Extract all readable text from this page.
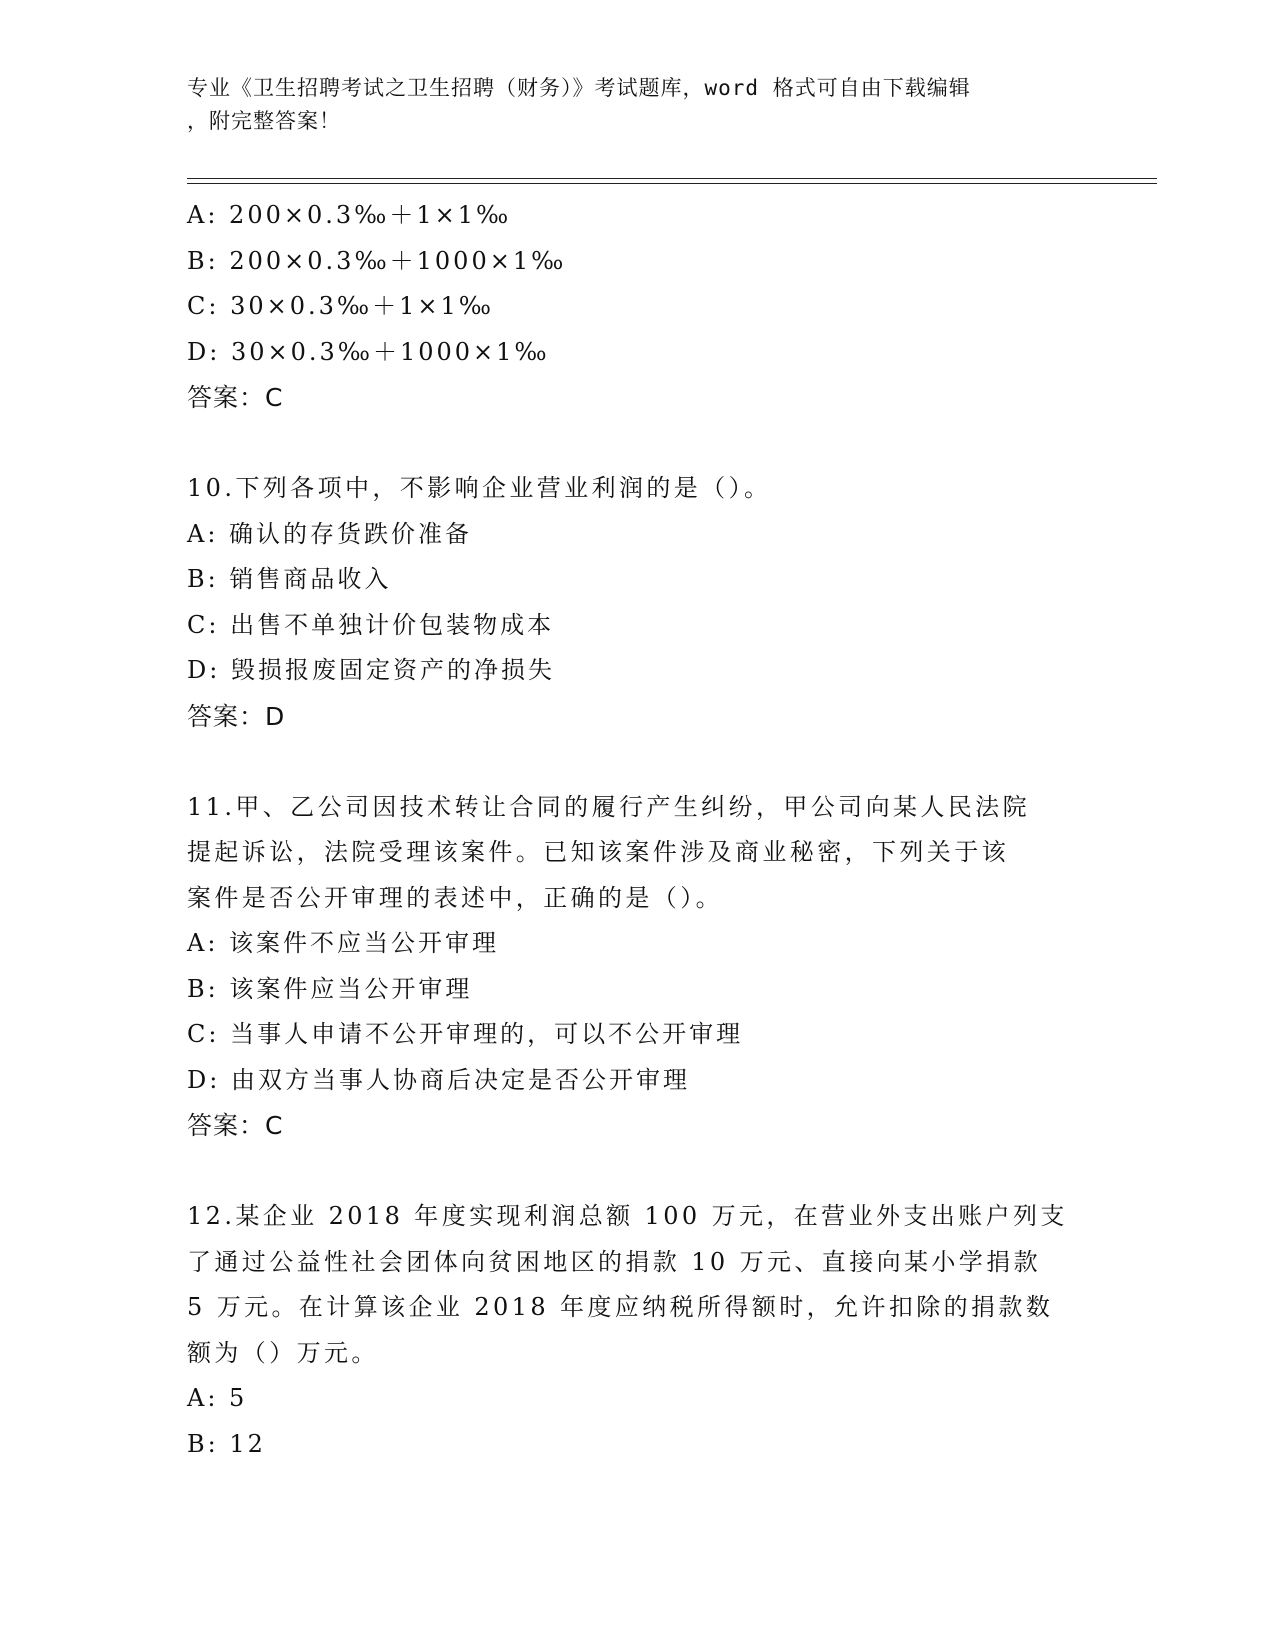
专业《卫生招聘考试之卫生招聘（财务）》考试题库，word 格式可自由下载编辑
，附完整答案！
A: 200×0.3‰＋1×1‰
B: 200×0.3‰＋1000×1‰
C: 30×0.3‰＋1×1‰
D: 30×0.3‰＋1000×1‰
答案：C
10.下列各项中，不影响企业营业利润的是（）。
A: 确认的存货跌价准备
B: 销售商品收入
C: 出售不单独计价包装物成本
D: 毁损报废固定资产的净损失
答案：D
11.甲、乙公司因技术转让合同的履行产生纠纷，甲公司向某人民法院
提起诉讼，法院受理该案件。已知该案件涉及商业秘密，下列关于该
案件是否公开审理的表述中，正确的是（）。
A: 该案件不应当公开审理
B: 该案件应当公开审理
C: 当事人申请不公开审理的，可以不公开审理
D: 由双方当事人协商后决定是否公开审理
答案：C
12.某企业 2018 年度实现利润总额 100 万元，在营业外支出账户列支
了通过公益性社会团体向贫困地区的捐款 10 万元、直接向某小学捐款
5 万元。在计算该企业 2018 年度应纳税所得额时，允许扣除的捐款数
额为（）万元。
A: 5
B: 12
